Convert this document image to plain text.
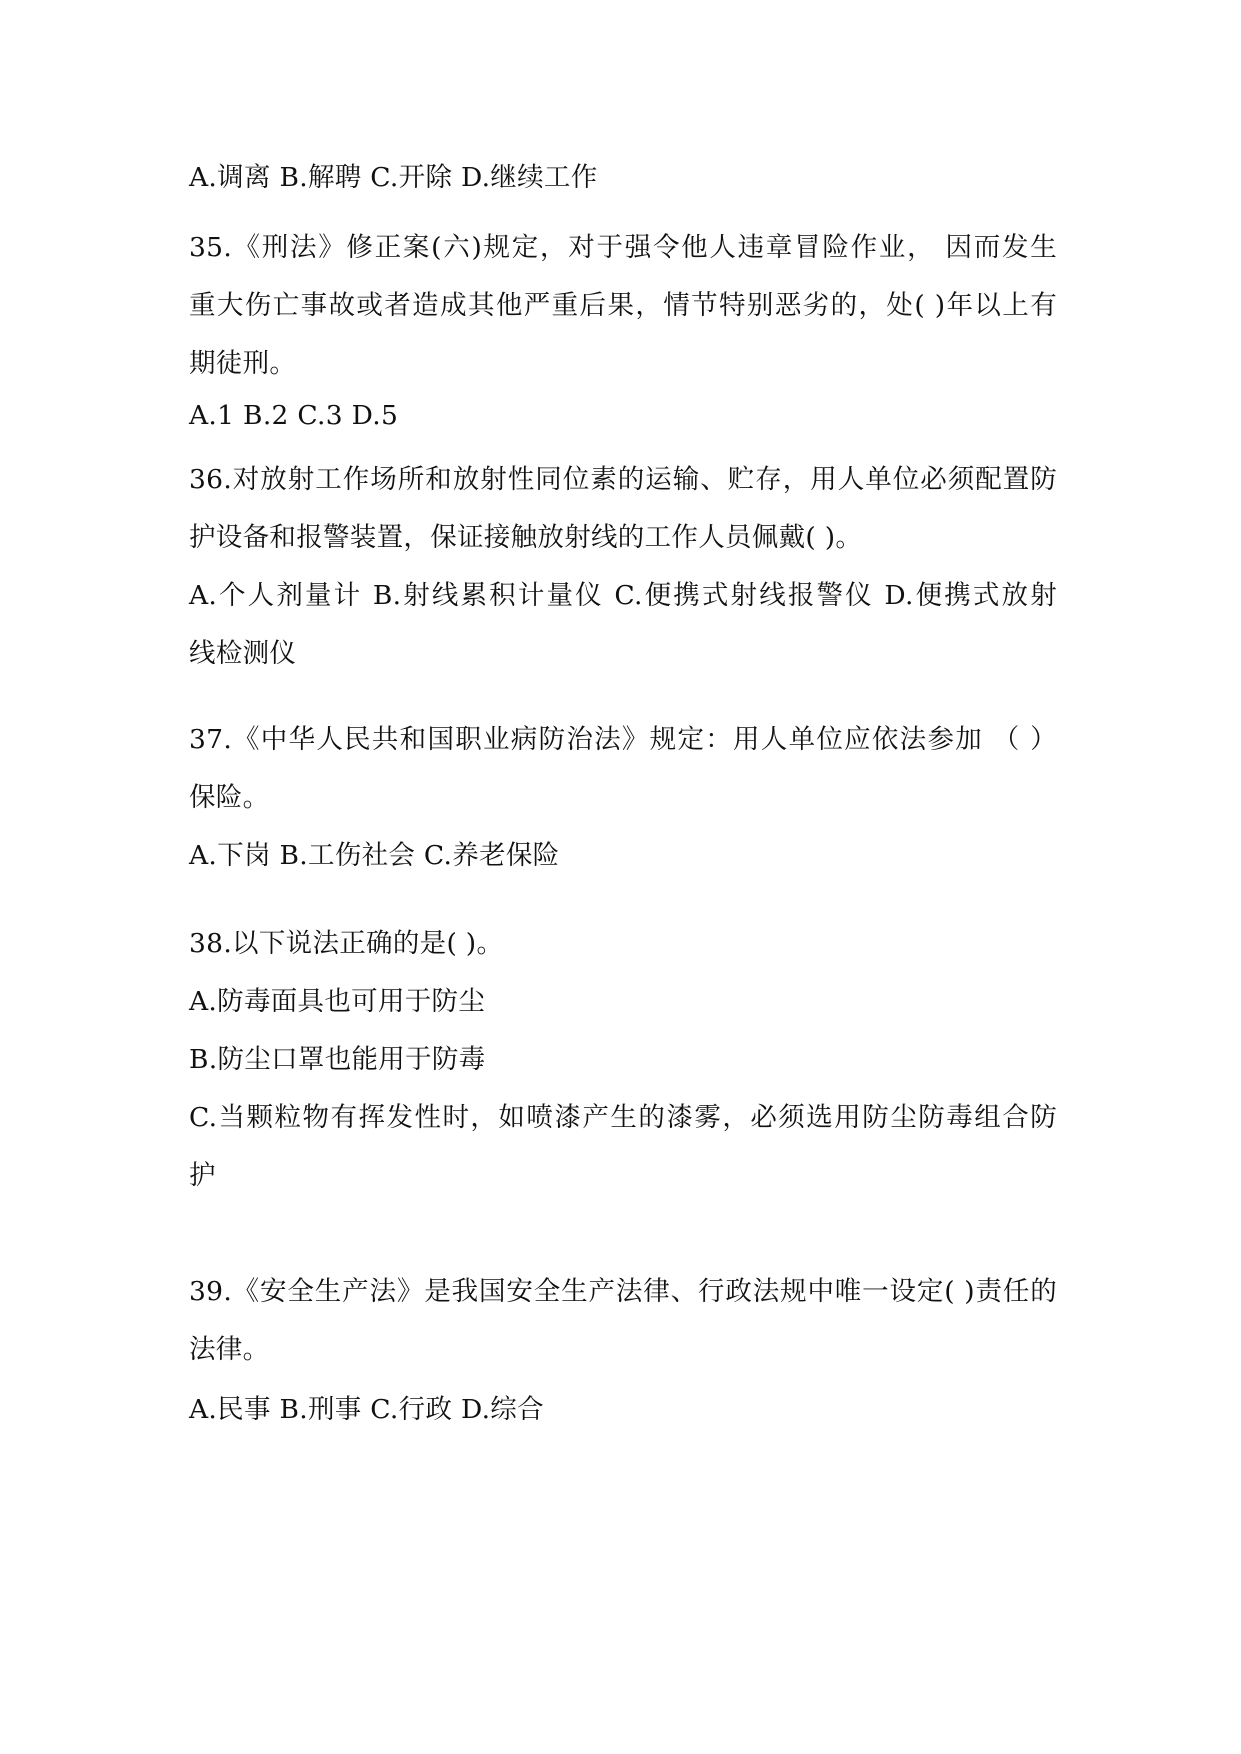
A.调离 B.解聘 C.开除 D.继续工作
35.《刑法》修正案(六)规定，对于强令他人违章冒险作业， 因而发生
重大伤亡事故或者造成其他严重后果，情节特别恶劣的，处( )年以上有
期徒刑。
A.1 B.2 C.3 D.5
36.对放射工作场所和放射性同位素的运输、贮存，用人单位必须配置防
护设备和报警装置，保证接触放射线的工作人员佩戴( )。
A.个人剂量计 B.射线累积计量仪 C.便携式射线报警仪 D.便携式放射
线检测仪
37.《中华人民共和国职业病防治法》规定：用人单位应依法参加 （ ）
保险。
A.下岗 B.工伤社会 C.养老保险
38.以下说法正确的是( )。
A.防毒面具也可用于防尘
B.防尘口罩也能用于防毒
C.当颗粒物有挥发性时，如喷漆产生的漆雾，必须选用防尘防毒组合防
护
39.《安全生产法》是我国安全生产法律、行政法规中唯一设定( )责任的
法律。
A.民事 B.刑事 C.行政 D.综合
